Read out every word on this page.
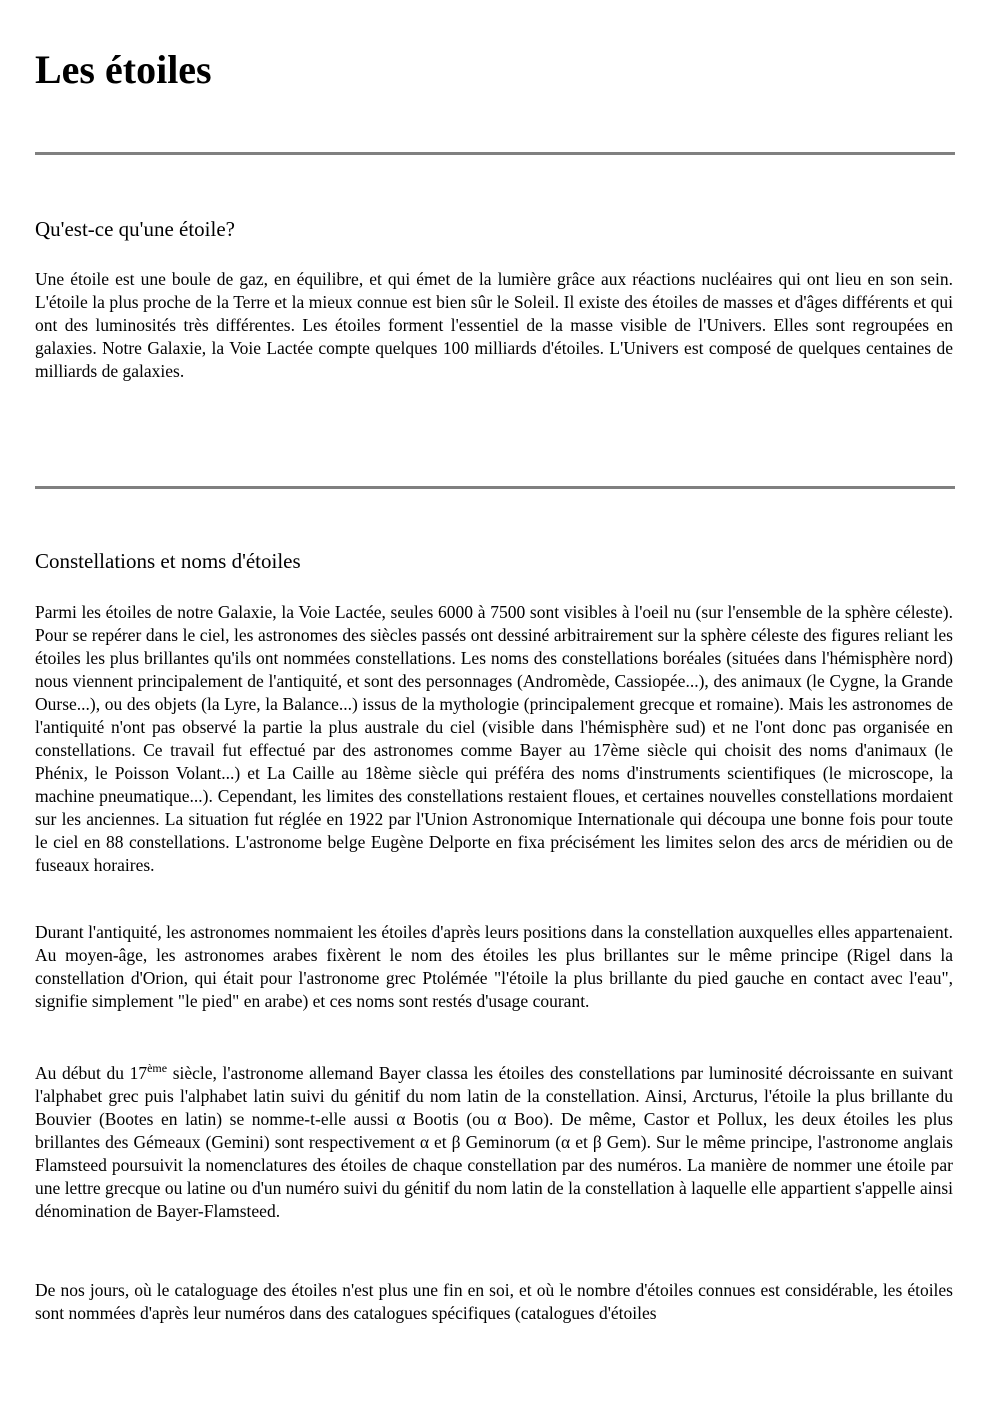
Les étoiles
Qu'est-ce qu'une étoile?

Une étoile est une boule de gaz, en équilibre, et qui émet de la lumière grâce aux réactions nucléaires qui ont lieu en son sein. L'étoile la plus proche de la Terre et la mieux connue est bien sûr le Soleil. Il existe des étoiles de masses et d'âges différents et qui ont des luminosités très différentes. Les étoiles forment l'essentiel de la masse visible de l'Univers. Elles sont regroupées en galaxies. Notre Galaxie, la Voie Lactée compte quelques 100 milliards d'étoiles. L'Univers est composé de quelques centaines de milliards de galaxies.

Constellations et noms d'étoiles

Parmi les étoiles de notre Galaxie, la Voie Lactée, seules 6000 à 7500 sont visibles à l'oeil nu (sur l'ensemble de la sphère céleste). Pour se repérer dans le ciel, les astronomes des siècles passés ont dessiné arbitrairement sur la sphère céleste des figures reliant les étoiles les plus brillantes qu'ils ont nommées constellations. Les noms des constellations boréales (situées dans l'hémisphère nord) nous viennent principalement de l'antiquité, et sont des personnages (Andromède, Cassiopée...), des animaux (le Cygne, la Grande Ourse...), ou des objets (la Lyre, la Balance...) issus de la mythologie (principalement grecque et romaine). Mais les astronomes de l'antiquité n'ont pas observé la partie la plus australe du ciel (visible dans l'hémisphère sud) et ne l'ont donc pas organisée en constellations. Ce travail fut effectué par des astronomes comme Bayer au 17ème siècle qui choisit des noms d'animaux (le Phénix, le Poisson Volant...) et La Caille au 18ème siècle qui préféra des noms d'instruments scientifiques (le microscope, la machine pneumatique...). Cependant, les limites des constellations restaient floues, et certaines nouvelles constellations mordaient sur les anciennes. La situation fut réglée en 1922 par l'Union Astronomique Internationale qui découpa une bonne fois pour toute le ciel en 88 constellations. L'astronome belge Eugène Delporte en fixa précisément les limites selon des arcs de méridien ou de fuseaux horaires.

Durant l'antiquité, les astronomes nommaient les étoiles d'après leurs positions dans la constellation auxquelles elles appartenaient. Au moyen-âge, les astronomes arabes fixèrent le nom des étoiles les plus brillantes sur le même principe (Rigel dans la constellation d'Orion, qui était pour l'astronome grec Ptolémée "l'étoile la plus brillante du pied gauche en contact avec l'eau", signifie simplement "le pied" en arabe) et ces noms sont restés d'usage courant.

Au début du 17ème siècle, l'astronome allemand Bayer classa les étoiles des constellations par luminosité décroissante en suivant l'alphabet grec puis l'alphabet latin suivi du génitif du nom latin de la constellation. Ainsi, Arcturus, l'étoile la plus brillante du Bouvier (Bootes en latin) se nomme-t-elle aussi α Bootis (ou α Boo). De même, Castor et Pollux, les deux étoiles les plus brillantes des Gémeaux (Gemini) sont respectivement α et β Geminorum (α et β Gem). Sur le même principe, l'astronome anglais Flamsteed poursuivit la nomenclatures des étoiles de chaque constellation par des numéros. La manière de nommer une étoile par une lettre grecque ou latine ou d'un numéro suivi du génitif du nom latin de la constellation à laquelle elle appartient s'appelle ainsi dénomination de Bayer-Flamsteed.

De nos jours, où le cataloguage des étoiles n'est plus une fin en soi, et où le nombre d'étoiles connues est considérable, les étoiles sont nommées d'après leur numéros dans des catalogues spécifiques (catalogues d'étoiles
